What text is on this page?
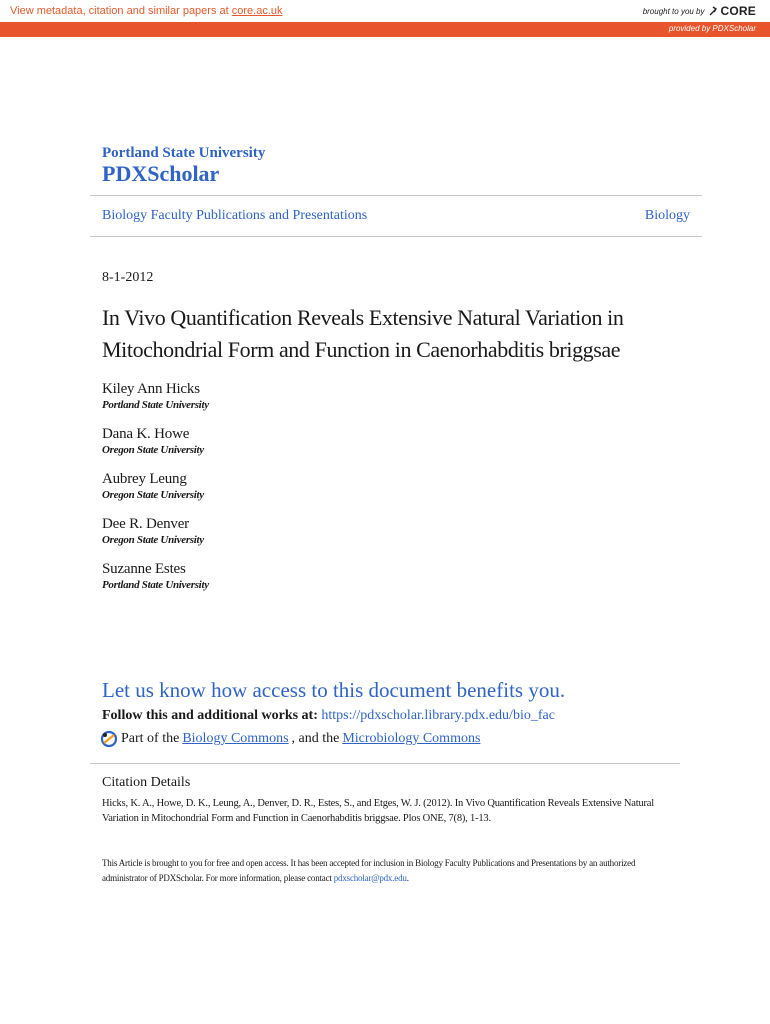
View metadata, citation and similar papers at core.ac.uk	brought to you by CORE
provided by PDXScholar
Portland State University
PDXScholar
Biology Faculty Publications and Presentations	Biology
8-1-2012
In Vivo Quantification Reveals Extensive Natural Variation in Mitochondrial Form and Function in Caenorhabditis briggsae
Kiley Ann Hicks
Portland State University
Dana K. Howe
Oregon State University
Aubrey Leung
Oregon State University
Dee R. Denver
Oregon State University
Suzanne Estes
Portland State University
Let us know how access to this document benefits you.
Follow this and additional works at: https://pdxscholar.library.pdx.edu/bio_fac
Part of the Biology Commons , and the Microbiology Commons
Citation Details
Hicks, K. A., Howe, D. K., Leung, A., Denver, D. R., Estes, S., and Etges, W. J. (2012). In Vivo Quantification Reveals Extensive Natural Variation in Mitochondrial Form and Function in Caenorhabditis briggsae. Plos ONE, 7(8), 1-13.
This Article is brought to you for free and open access. It has been accepted for inclusion in Biology Faculty Publications and Presentations by an authorized administrator of PDXScholar. For more information, please contact pdxscholar@pdx.edu.
